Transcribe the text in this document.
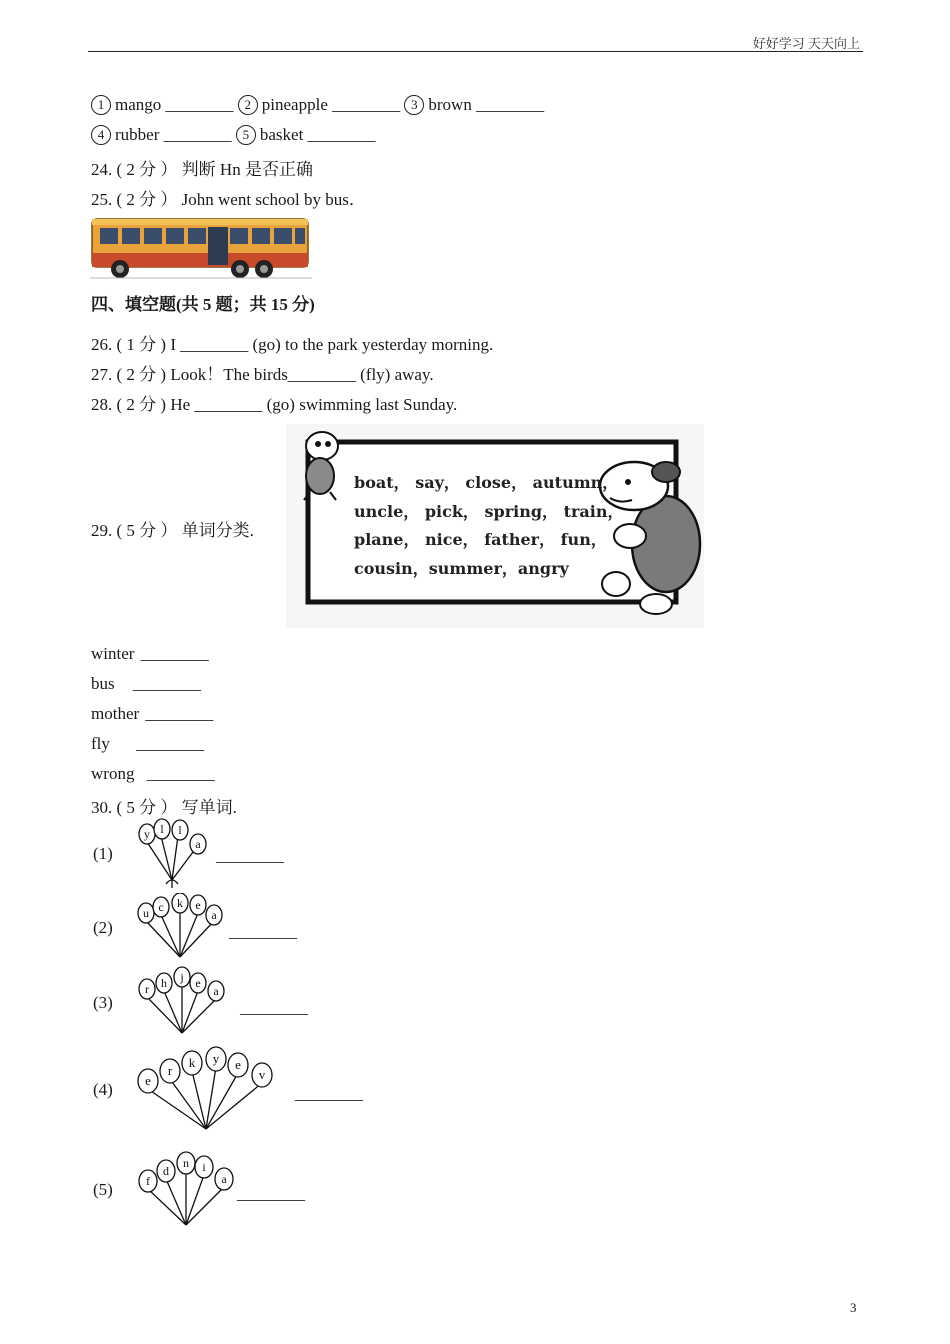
好好学习 天天向上
1 mango ________ 2 pineapple ________ 3 brown ________
4 rubber ________ 5 basket ________
24. ( 2 分 ） 判断 Hn 是否正确
25. ( 2 分 ） John went school by bus．
四、填空题(共 5 题；共 15 分)
26. ( 1 分 ) I ________ (go) to the park yesterday morning.
27. ( 2 分 ) Look！The birds________ (fly) away.
28. ( 2 分 ) He ________ (go) swimming last Sunday.
29. ( 5 分 ） 单词分类.
boat， say， close， autumn，
uncle， pick， spring， train，
plane， nice， father， fun，
cousin，summer，angry
winter ________
bus ________
mother ________
fly ________
wrong ________
30. ( 5 分 ） 写单词.
(1)
y l l
a
________
(2)
u c k e
a
________
(3)
r h j e
a
________
(4) e
r
k y e
v
________
(5)	f
d
n i
a
________
3
